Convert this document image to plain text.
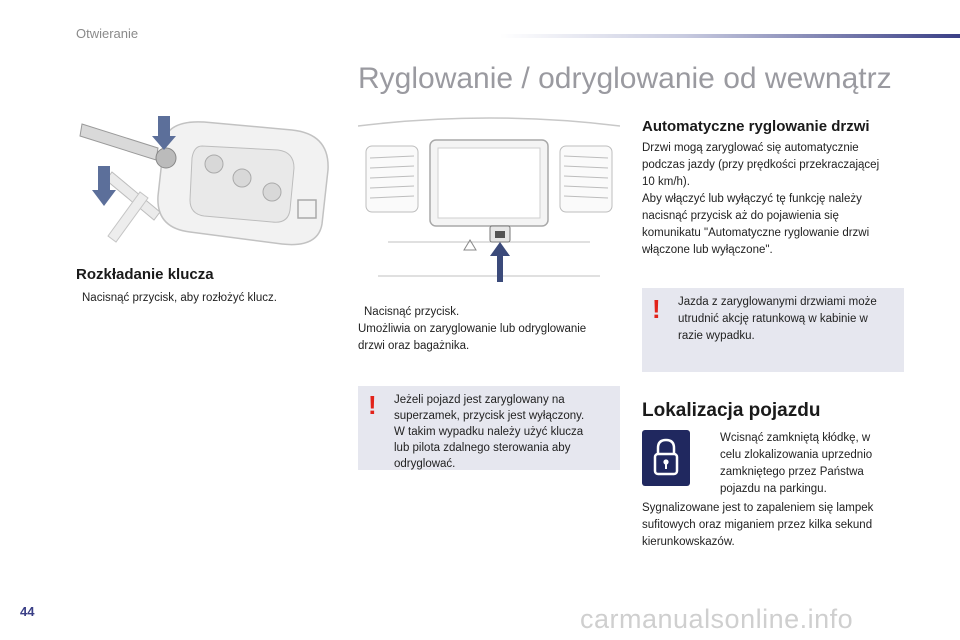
Otwieranie
Ryglowanie / odryglowanie od wewnątrz
Rozkładanie klucza
Nacisnąć przycisk, aby rozłożyć klucz.
Nacisnąć przycisk.
Umożliwia on zaryglowanie lub odryglowanie
drzwi oraz bagażnika.
! Jeżeli pojazd jest zaryglowany na
superzamek, przycisk jest wyłączony.
W takim wypadku należy użyć klucza
lub pilota zdalnego sterowania aby
odryglować.
Automatyczne ryglowanie drzwi
Drzwi mogą zaryglować się automatycznie
podczas jazdy (przy prędkości przekraczającej
10 km/h).
Aby włączyć lub wyłączyć tę funkcję należy
nacisnąć przycisk aż do pojawienia się
komunikatu "Automatyczne ryglowanie drzwi
włączone lub wyłączone".
! Jazda z zaryglowanymi drzwiami może
utrudnić akcję ratunkową w kabinie w
razie wypadku.
Lokalizacja pojazdu
Wcisnąć zamkniętą kłódkę, w
celu zlokalizowania uprzednio
zamkniętego przez Państwa
pojazdu na parkingu.
Sygnalizowane jest to zapaleniem się lampek
sufitowych oraz miganiem przez kilka sekund
kierunkowskazów.
44	carmanualsonline.info
